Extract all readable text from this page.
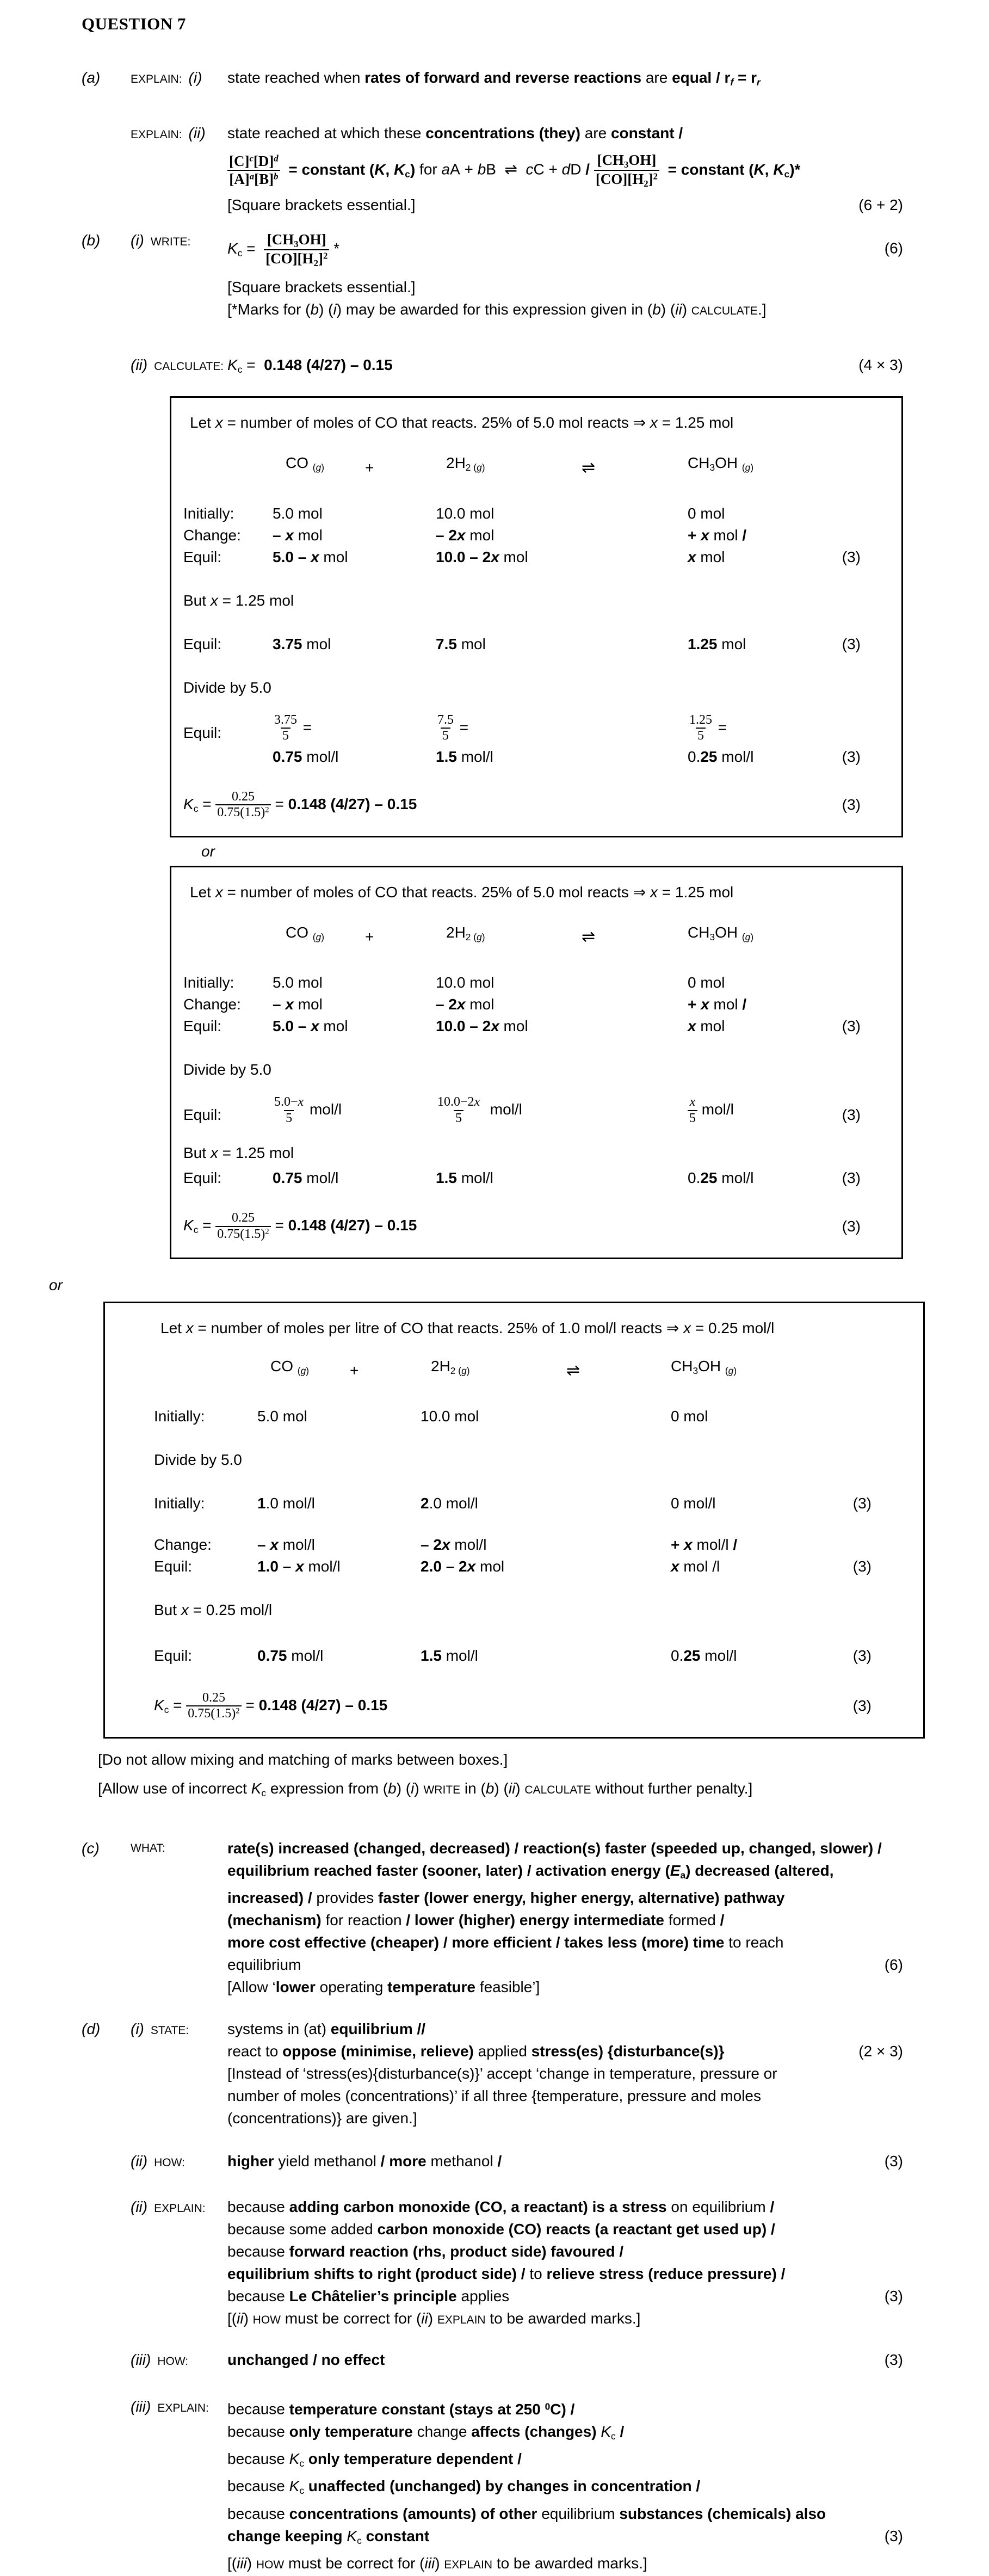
QUESTION 7
(a)	EXPLAIN: (i) state reached when rates of forward and reverse reactions are equal / $r_f = r_r$
EXPLAIN: (ii) state reached at which these concentrations (they) are constant /
$\frac{[C]^c[D]^d}{[A]^a[B]^b}$ = constant (K, $K_c$) for aA + bB  ⇌  cC + dD / $\frac{[CH_3OH]}{[CO][H_2]^2}$ = constant (K, $K_c)*$
[Square brackets essential.]	(6 + 2)
(b)	(i) WRITE: $K_c = \frac{[CH_3OH]}{[CO][H_2]^2}$ *	(6)
[Square brackets essential.]
[*Marks for (b) (i) may be awarded for this expression given in (b) (ii) CALCULATE.]
(ii) CALCULATE: $K_c = 0.148$ (4/27) – 0.15	(4 × 3)
Let x = number of moles of CO that reacts. 25% of 5.0 mol reacts ⇒ x = 1.25 mol
CO $_{(g)}$	+	$2H_{2 (g)}$	⇌	$CH_3OH$ $_{(g)}$
Initially:	5.0 mol	10.0 mol	0 mol
Change:	– x mol	– 2x mol	+ x mol /
Equil:	5.0 – x mol	10.0 – 2x mol	x mol	(3)
But x = 1.25 mol
Equil:	3.75 mol	7.5 mol	1.25 mol	(3)
Divide by 5.0
Equil:	$\frac{3.75}{5}$ =	$\frac{7.5}{5}$ =	$\frac{1.25}{5}$ =
0.75 mol/l	1.5 mol/l	0.25 mol/l	(3)
$K_c = \frac{0.25}{0.75(1.5)^2} = 0.148$ (4/27) – 0.15	(3)
or
Let x = number of moles of CO that reacts. 25% of 5.0 mol reacts ⇒ x = 1.25 mol
CO $_{(g)}$	+	$2H_{2 (g)}$	⇌	$CH_3OH$ $_{(g)}$
Initially:	5.0 mol	10.0 mol	0 mol
Change:	– x mol	– 2x mol	+ x mol /
Equil:	5.0 – x mol	10.0 – 2x mol	x mol	(3)
Divide by 5.0
Equil:	$\frac{5.0-x}{5} mol/l$	$\frac{10.0-2x}{5} mol/l$	$\frac{x}{5} mol/l$	(3)
But x = 1.25 mol
Equil:	0.75 mol/l	1.5 mol/l	0.25 mol/l	(3)
$K_c = \frac{0.25}{0.75(1.5)^2} = 0.148$ (4/27) – 0.15	(3)
or
Let x = number of moles per litre of CO that reacts. 25% of 1.0 mol/l reacts ⇒ x = 0.25 mol/l
CO $_{(g)}$	+	$2H_{2 (g)}$	⇌	$CH_3OH$ $_{(g)}$
Initially:	5.0 mol	10.0 mol	0 mol
Divide by 5.0
Initially:	1.0 mol/l	2.0 mol/l	0 mol/l	(3)
Change:	– x mol/l	– 2x mol/l	+ x mol/l /
Equil:	1.0 – x mol/l	2.0 – 2x mol	x mol /l	(3)
But x = 0.25 mol/l
Equil:	0.75 mol/l	1.5 mol/l	0.25 mol/l	(3)
$K_c = \frac{0.25}{0.75(1.5)^2} = 0.148$ (4/27) – 0.15	(3)
[Do not allow mixing and matching of marks between boxes.]
[Allow use of incorrect $K_c$ expression from (b) (i) WRITE in (b) (ii) CALCULATE without further penalty.]
(c)	WHAT:	rate(s) increased (changed, decreased) / reaction(s) faster (speeded up, changed, slower) /
equilibrium reached faster (sooner, later) / activation energy $(E_a)$ decreased (altered,
increased) / provides faster (lower energy, higher energy, alternative) pathway
(mechanism) for reaction / lower (higher) energy intermediate formed /
more cost effective (cheaper) / more efficient / takes less (more) time to reach
equilibrium	(6)
[Allow ‘lower operating temperature feasible’]
(d)	(i) STATE:	systems in (at) equilibrium //
react to oppose (minimise, relieve) applied stress(es) {disturbance(s)}	(2 × 3)
[Instead of ‘stress(es){disturbance(s)}’ accept ‘change in temperature, pressure or
number of moles (concentrations)’ if all three {temperature, pressure and moles
(concentrations)} are given.]
(ii) HOW:	higher yield methanol / more methanol /	(3)
(ii) EXPLAIN: because adding carbon monoxide (CO, a reactant) is a stress on equilibrium /
because some added carbon monoxide (CO) reacts (a reactant get used up) /
because forward reaction (rhs, product side) favoured /
equilibrium shifts to right (product side) / to relieve stress (reduce pressure) /
because Le Châtelier’s principle applies	(3)
[(ii) HOW must be correct for (ii) EXPLAIN to be awarded marks.]
(iii) HOW:	unchanged / no effect	(3)
(iii) EXPLAIN: because temperature constant (stays at 250 $^0$C) /
because only temperature change affects (changes) $K_c$ /
because $K_c$ only temperature dependent /
because $K_c$ unaffected (unchanged) by changes in concentration /
because concentrations (amounts) of other equilibrium substances (chemicals) also
change keeping $K_c$ constant	(3)
[(iii) HOW must be correct for (iii) EXPLAIN to be awarded marks.]
